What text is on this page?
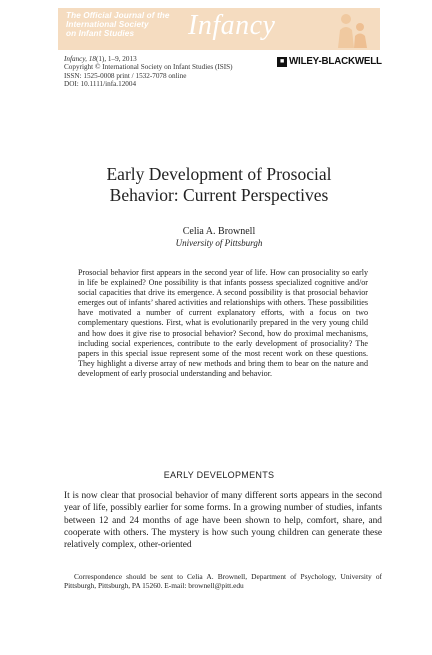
The Official Journal of the
International Society
on Infant Studies	Infancy
Infancy, 18(1), 1–9, 2013
Copyright © International Society on Infant Studies (ISIS)
ISSN: 1525-0008 print / 1532-7078 online
DOI: 10.1111/infa.12004
■ WILEY-BLACKWELL
Early Development of Prosocial
Behavior: Current Perspectives
Celia A. Brownell
University of Pittsburgh
Prosocial behavior first appears in the second year of life. How can prosociality so early in life be explained? One possibility is that infants possess specialized cognitive and/or social capacities that drive its emergence. A second possibility is that prosocial behavior emerges out of infants’ shared activities and relationships with others. These possibilities have motivated a number of current explanatory efforts, with a focus on two complementary questions. First, what is evolutionarily prepared in the very young child and how does it give rise to prosocial behavior? Second, how do proximal mechanisms, including social experiences, contribute to the early development of prosociality? The papers in this special issue represent some of the most recent work on these questions. They highlight a diverse array of new methods and bring them to bear on the nature and development of early prosocial understanding and behavior.
EARLY DEVELOPMENTS
It is now clear that prosocial behavior of many different sorts appears in the second year of life, possibly earlier for some forms. In a growing number of studies, infants between 12 and 24 months of age have been shown to help, comfort, share, and cooperate with others. The mystery is how such young children can generate these relatively complex, other-oriented
Correspondence should be sent to Celia A. Brownell, Department of Psychology, University of Pittsburgh, Pittsburgh, PA 15260. E-mail: brownell@pitt.edu
